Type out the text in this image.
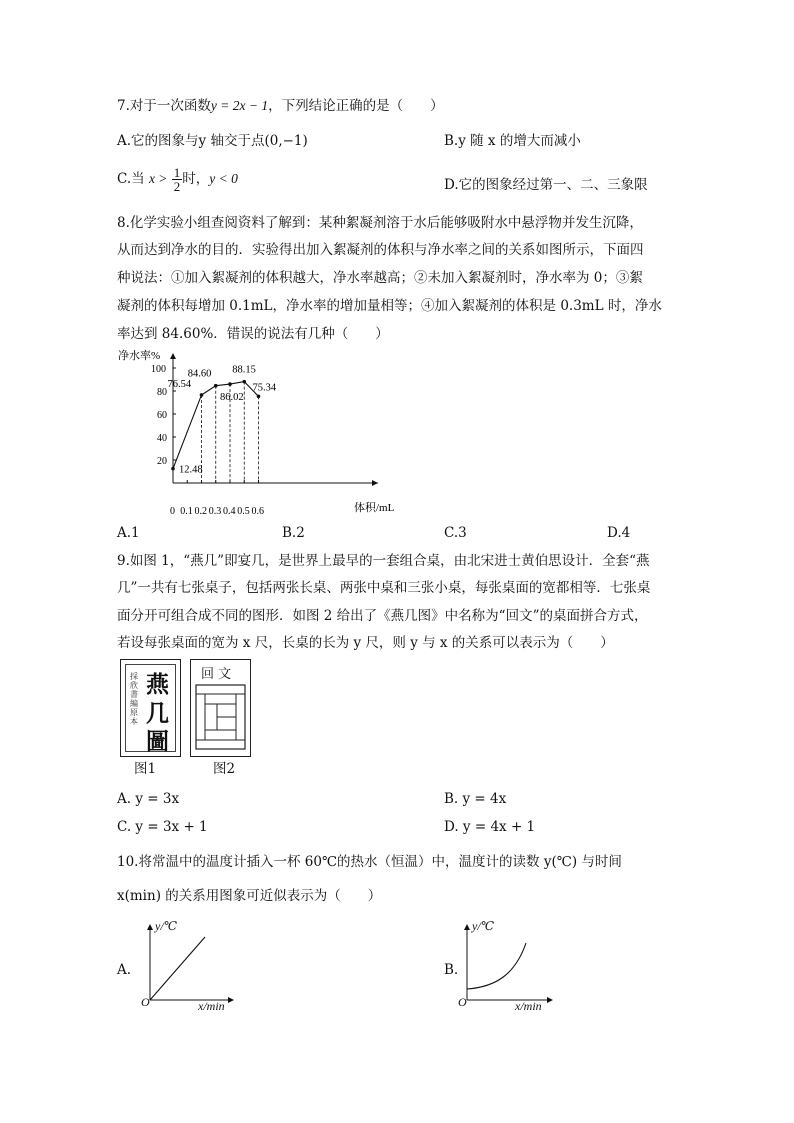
7.对于一次函数y = 2x − 1，下列结论正确的是（　　）
A.它的图象与y 轴交于点(0,−1)	B.y 随 x 的增大而减小
C.当 $x > \frac{1}{2}$ 时，y < 0	D.它的图象经过第一、二、三象限
8.化学实验小组查阅资料了解到：某种絮凝剂溶于水后能够吸附水中悬浮物并发生沉降，
从而达到净水的目的．实验得出加入絮凝剂的体积与净水率之间的关系如图所示，下面四
种说法：①加入絮凝剂的体积越大，净水率越高；②未加入絮凝剂时，净水率为 0；③絮
凝剂的体积每增加 0.1mL，净水率的增加量相等；④加入絮凝剂的体积是 0.3mL 时，净水
率达到 84.60%．错误的说法有几种（　　）
净水率%
体积/mL
0 0.1 0.2 0.3 0.4 0.5 0.6
20
40
60
80
100
12.48
76.54
84.60
86.02
88.15
75.34
A.1	B.2	C.3	D.4
9.如图 1，“燕几”即宴几，是世界上最早的一套组合桌，由北宋进士黄伯思设计．全套“燕
几”一共有七张桌子，包括两张长桌、两张中桌和三张小桌，每张桌面的宽都相等．七张桌
面分开可组合成不同的图形．如图 2 给出了《燕几图》中名称为“回文”的桌面拼合方式，
若设每张桌面的宽为 x 尺，长桌的长为 y 尺，则 y 与 x 的关系可以表示为（　　）
採 欣 書 編 原 本
燕
几
圖
图1
回 文
图2
A. y = 3x	B. y = 4x
C. y = 3x + 1	D. y = 4x + 1
10.将常温中的温度计插入一杯 60℃的热水（恒温）中，温度计的读数 y(℃) 与时间
x(min) 的关系用图象可近似表示为（　　）
A.
y/℃
x/min
O
B.
y/℃
x/min
O
